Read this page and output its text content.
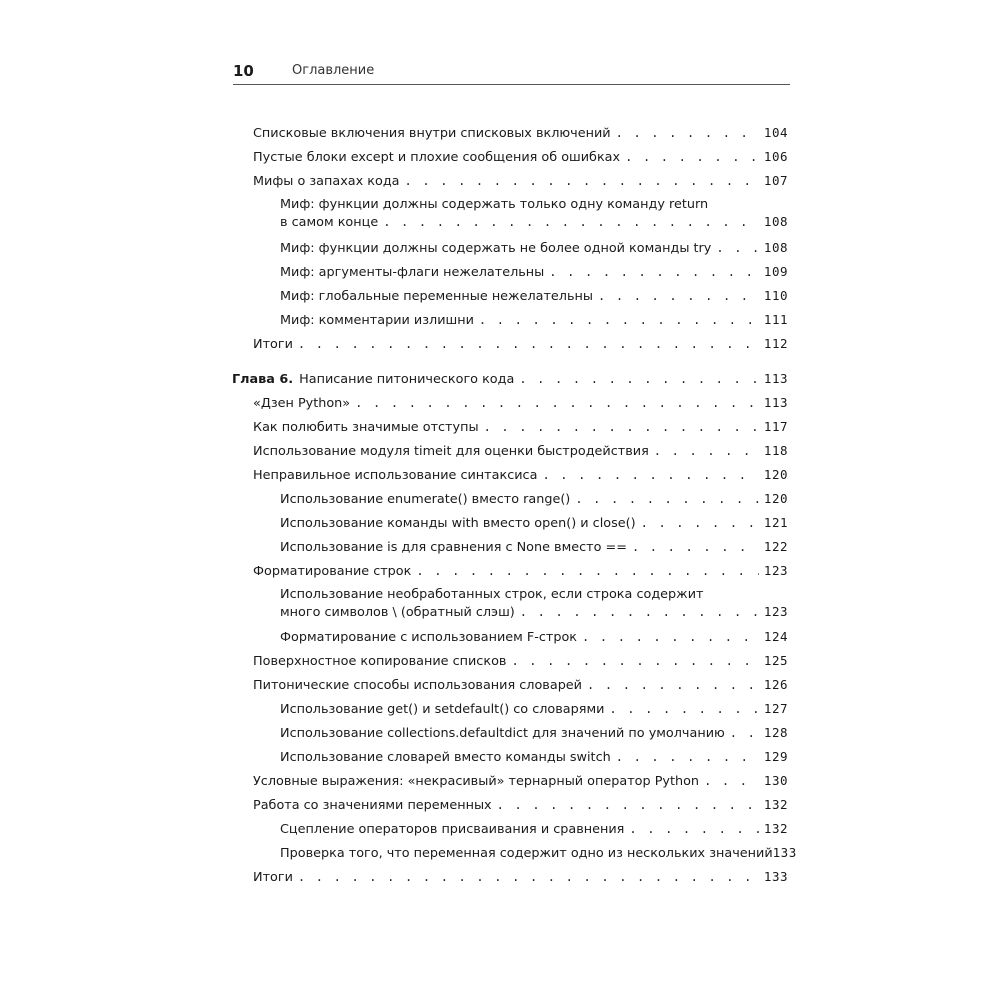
10	Оглавление
Списковые включения внутри списковых включений . . .	104
Пустые блоки except и плохие сообщения об ошибках . . .	106
Мифы о запахах кода . . .	107
Миф: функции должны содержать только одну команду return
в самом конце . . .	108
Миф: функции должны содержать не более одной команды try . . .	108
Миф: аргументы-флаги нежелательны . . .	109
Миф: глобальные переменные нежелательны . . .	110
Миф: комментарии излишни . . .	111
Итоги . . .	112
Глава 6. Написание питонического кода . . .	113
«Дзен Python» . . .	113
Как полюбить значимые отступы . . .	117
Использование модуля timeit для оценки быстродействия . . .	118
Неправильное использование синтаксиса . . .	120
Использование enumerate() вместо range() . . .	120
Использование команды with вместо open() и close() . . .	121
Использование is для сравнения с None вместо == . . .	122
Форматирование строк . . .	123
Использование необработанных строк, если строка содержит
много символов \ (обратный слэш) . . .	123
Форматирование с использованием F-строк . . .	124
Поверхностное копирование списков . . .	125
Питонические способы использования словарей . . .	126
Использование get() и setdefault() со словарями . . .	127
Использование collections.defaultdict для значений по умолчанию . . .	128
Использование словарей вместо команды switch . . .	129
Условные выражения: «некрасивый» тернарный оператор Python . . .	130
Работа со значениями переменных . . .	132
Сцепление операторов присваивания и сравнения . . .	132
Проверка того, что переменная содержит одно из нескольких значений 133
Итоги . . .	133
